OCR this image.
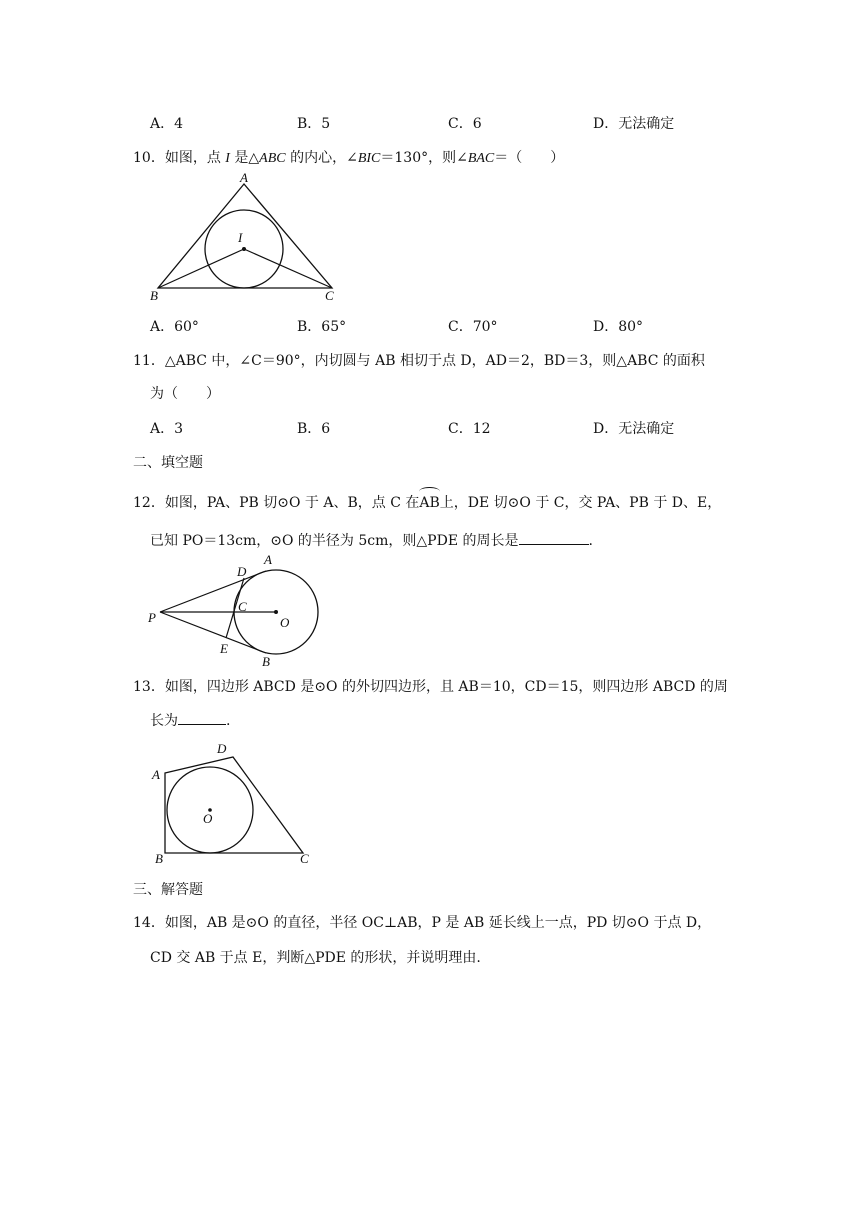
A．4	B．5	C．6	D．无法确定
10．如图，点 I 是△ABC 的内心，∠BIC＝130°，则∠BAC＝（　　）
A
B	C
I
A．60°	B．65°	C．70°	D．80°
11．△ABC 中，∠C＝90°，内切圆与 AB 相切于点 D，AD＝2，BD＝3，则△ABC 的面积
为（　　）
A．3	B．6	C．12	D．无法确定
二、填空题
12．如图，PA、PB 切⊙O 于 A、B，点 C 在AB上，DE 切⊙O 于 C，交 PA、PB 于 D、E，
已知 PO＝13cm，⊙O 的半径为 5cm，则△PDE 的周长是	.
P
D
A
C
O
E
B
13．如图，四边形 ABCD 是⊙O 的外切四边形，且 AB＝10，CD＝15，则四边形 ABCD 的周
长为	.
A
D
B	C
O
三、解答题
14．如图，AB 是⊙O 的直径，半径 OC⊥AB，P 是 AB 延长线上一点，PD 切⊙O 于点 D，
CD 交 AB 于点 E，判断△PDE 的形状，并说明理由.
